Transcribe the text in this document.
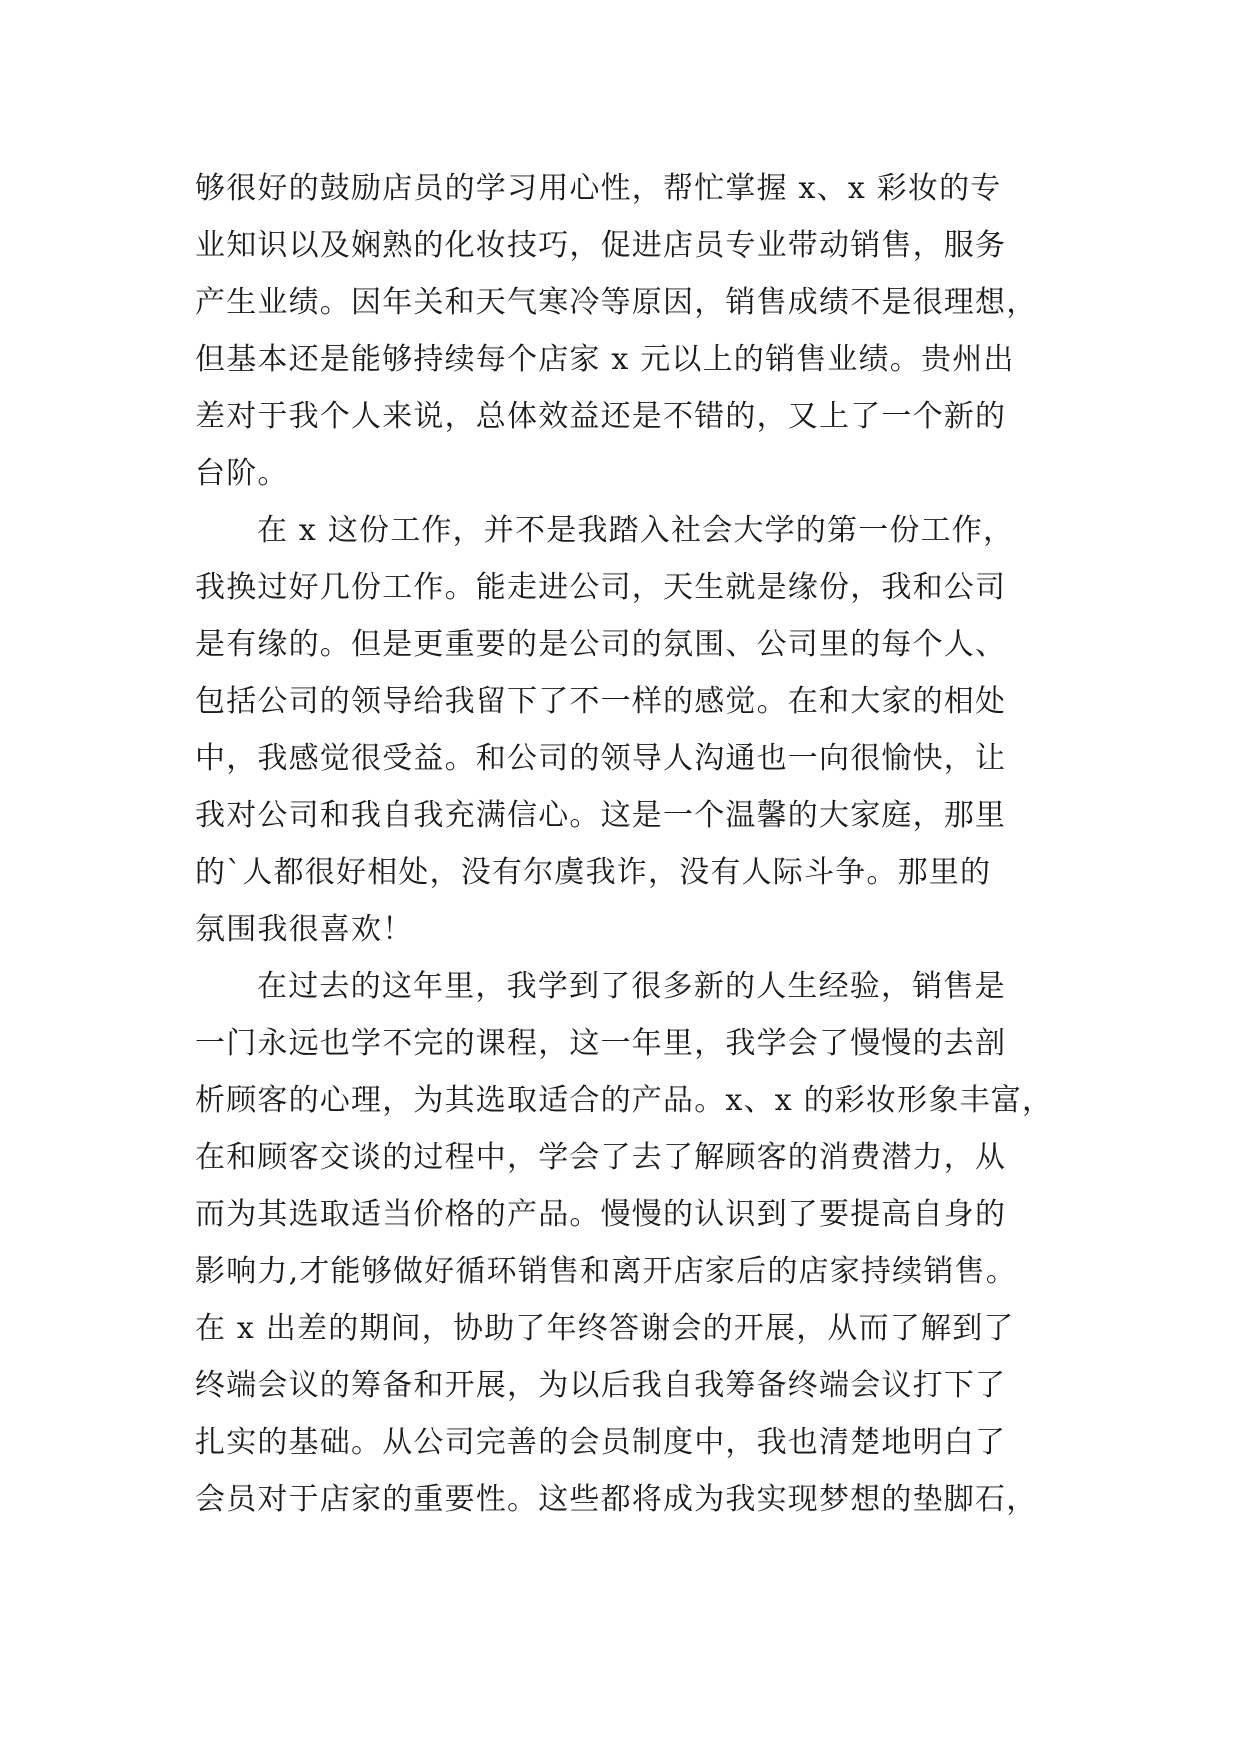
够很好的鼓励店员的学习用心性，帮忙掌握 x、x 彩妆的专
业知识以及娴熟的化妆技巧，促进店员专业带动销售，服务
产生业绩。因年关和天气寒冷等原因，销售成绩不是很理想，
但基本还是能够持续每个店家 x 元以上的销售业绩。贵州出
差对于我个人来说，总体效益还是不错的，又上了一个新的
台阶。
在 x 这份工作，并不是我踏入社会大学的第一份工作，
我换过好几份工作。能走进公司，天生就是缘份，我和公司
是有缘的。但是更重要的是公司的氛围、公司里的每个人、
包括公司的领导给我留下了不一样的感觉。在和大家的相处
中，我感觉很受益。和公司的领导人沟通也一向很愉快，让
我对公司和我自我充满信心。这是一个温馨的大家庭，那里
的`人都很好相处，没有尔虞我诈，没有人际斗争。那里的
氛围我很喜欢！
在过去的这年里，我学到了很多新的人生经验，销售是
一门永远也学不完的课程，这一年里，我学会了慢慢的去剖
析顾客的心理，为其选取适合的产品。x、x 的彩妆形象丰富，
在和顾客交谈的过程中，学会了去了解顾客的消费潜力，从
而为其选取适当价格的产品。慢慢的认识到了要提高自身的
影响力,才能够做好循环销售和离开店家后的店家持续销售。
在 x 出差的期间，协助了年终答谢会的开展，从而了解到了
终端会议的筹备和开展，为以后我自我筹备终端会议打下了
扎实的基础。从公司完善的会员制度中，我也清楚地明白了
会员对于店家的重要性。这些都将成为我实现梦想的垫脚石，
